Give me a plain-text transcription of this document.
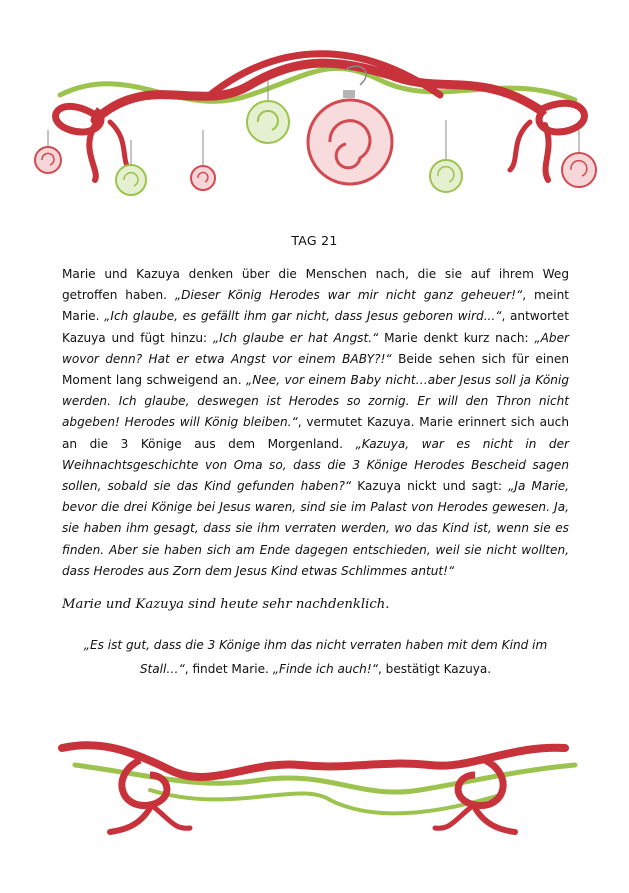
TAG 21

Marie und Kazuya denken über die Menschen nach, die sie auf ihrem Weg getroffen haben. „Dieser König Herodes war mir nicht ganz geheuer!“, meint Marie. „Ich glaube, es gefällt ihm gar nicht, dass Jesus geboren wird...“, antwortet Kazuya und fügt hinzu: „Ich glaube er hat Angst.“ Marie denkt kurz nach: „Aber wovor denn? Hat er etwa Angst vor einem BABY?!“ Beide sehen sich für einen Moment lang schweigend an. „Nee, vor einem Baby nicht…aber Jesus soll ja König werden. Ich glaube, deswegen ist Herodes so zornig. Er will den Thron nicht abgeben! Herodes will König bleiben.“, vermutet Kazuya. Marie erinnert sich auch an die 3 Könige aus dem Morgenland. „Kazuya, war es nicht in der Weihnachtsgeschichte von Oma so, dass die 3 Könige Herodes Bescheid sagen sollen, sobald sie das Kind gefunden haben?“ Kazuya nickt und sagt: „Ja Marie, bevor die drei Könige bei Jesus waren, sind sie im Palast von Herodes gewesen. Ja, sie haben ihm gesagt, dass sie ihm verraten werden, wo das Kind ist, wenn sie es finden. Aber sie haben sich am Ende dagegen entschieden, weil sie nicht wollten, dass Herodes aus Zorn dem Jesus Kind etwas Schlimmes antut!“

Marie und Kazuya sind heute sehr nachdenklich.

„Es ist gut, dass die 3 Könige ihm das nicht verraten haben mit dem Kind im Stall…“, findet Marie. „Finde ich auch!“, bestätigt Kazuya.
